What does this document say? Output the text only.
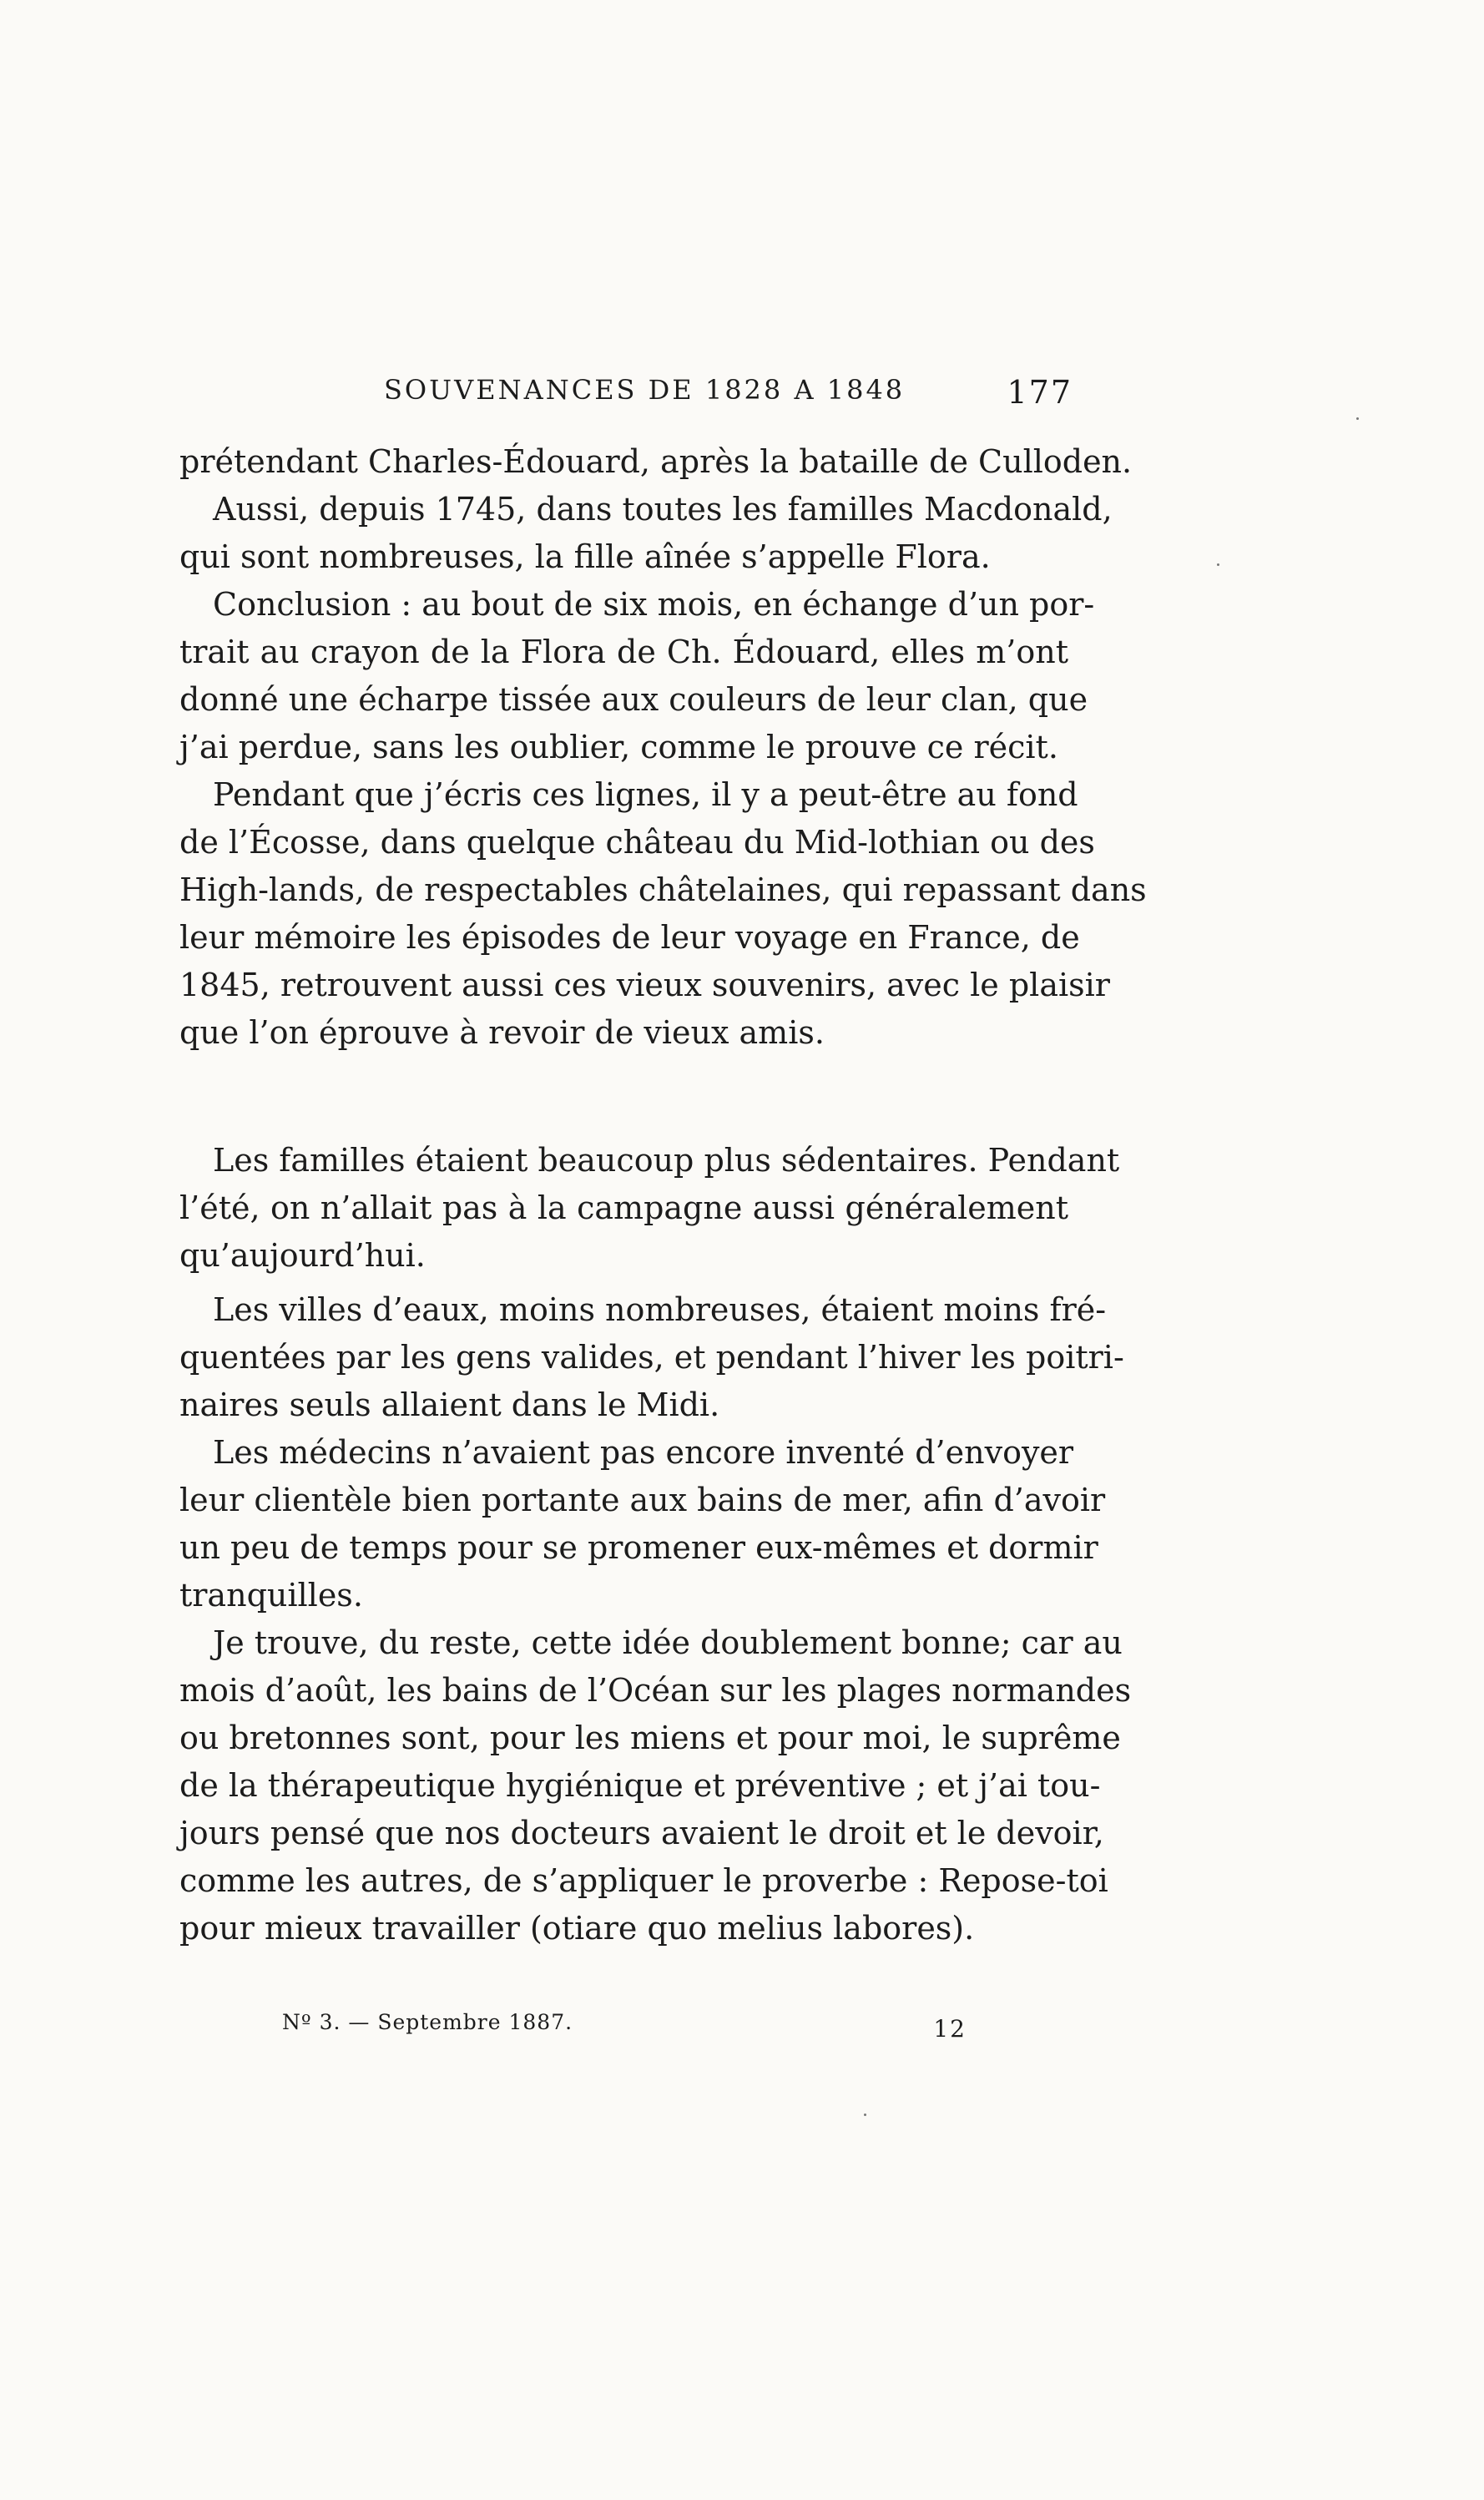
SOUVENANCES DE 1828 A 1848	177
prétendant Charles-Édouard, après la bataille de Culloden.
Aussi, depuis 1745, dans toutes les familles Macdonald,
qui sont nombreuses, la fille aînée s’appelle Flora.
Conclusion : au bout de six mois, en échange d’un por-
trait au crayon de la Flora de Ch. Édouard, elles m’ont
donné une écharpe tissée aux couleurs de leur clan, que
j’ai perdue, sans les oublier, comme le prouve ce récit.
Pendant que j’écris ces lignes, il y a peut-être au fond
de l’Écosse, dans quelque château du Mid-lothian ou des
High-lands, de respectables châtelaines, qui repassant dans
leur mémoire les épisodes de leur voyage en France, de
1845, retrouvent aussi ces vieux souvenirs, avec le plaisir
que l’on éprouve à revoir de vieux amis.
Les familles étaient beaucoup plus sédentaires. Pendant
l’été, on n’allait pas à la campagne aussi généralement
qu’aujourd’hui.
Les villes d’eaux, moins nombreuses, étaient moins fré-
quentées par les gens valides, et pendant l’hiver les poitri-
naires seuls allaient dans le Midi.
Les médecins n’avaient pas encore inventé d’envoyer
leur clientèle bien portante aux bains de mer, afin d’avoir
un peu de temps pour se promener eux-mêmes et dormir
tranquilles.
Je trouve, du reste, cette idée doublement bonne; car au
mois d’août, les bains de l’Océan sur les plages normandes
ou bretonnes sont, pour les miens et pour moi, le suprême
de la thérapeutique hygiénique et préventive ; et j’ai tou-
jours pensé que nos docteurs avaient le droit et le devoir,
comme les autres, de s’appliquer le proverbe : Repose-toi
pour mieux travailler (otiare quo melius labores).
Nº 3. — Septembre 1887.	12
